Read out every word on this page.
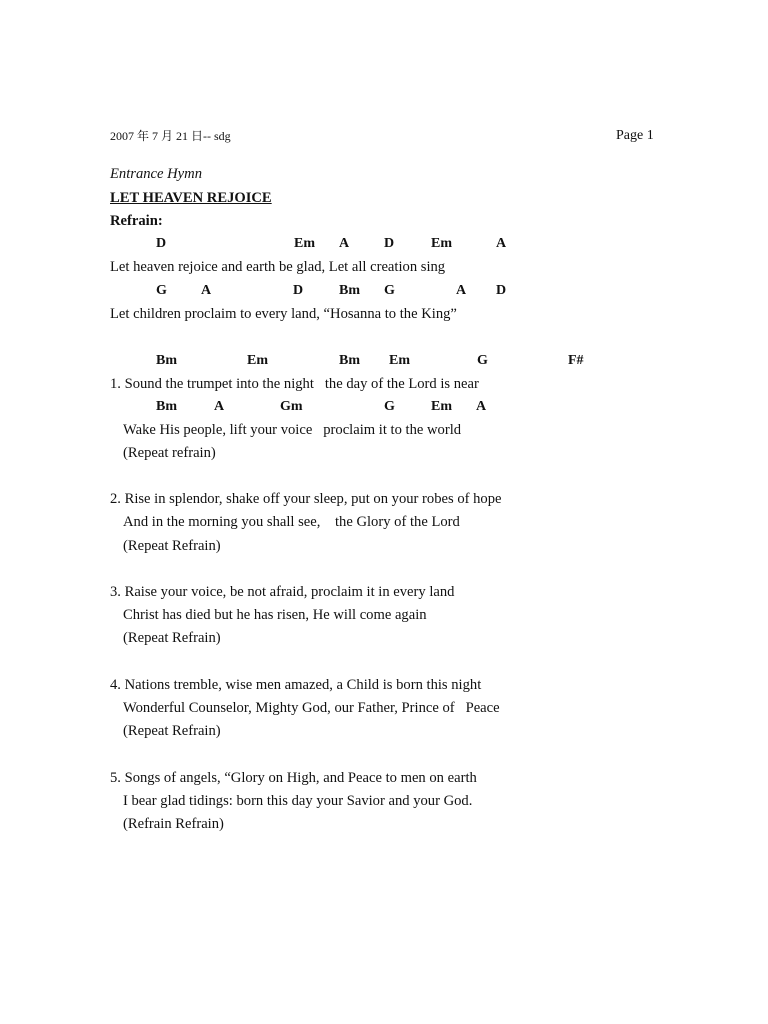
2007 年 7 月 21 日-- sdg	Page 1
Entrance Hymn
LET HEAVEN REJOICE
Refrain:
D	Em A D	Em	A
Let heaven rejoice and earth be glad, Let all creation sing
G A	D	Bm G	A D
Let children proclaim to every land, “Hosanna to the King”
Bm	Em	Bm Em	G	F#
1. Sound the trumpet into the night   the day of the Lord is near
Bm	A	Gm	G	Em A
Wake His people, lift your voice   proclaim it to the world
(Repeat refrain)
2. Rise in splendor, shake off your sleep, put on your robes of hope
And in the morning you shall see,    the Glory of the Lord
(Repeat Refrain)
3. Raise your voice, be not afraid, proclaim it in every land
Christ has died but he has risen, He will come again
(Repeat Refrain)
4. Nations tremble, wise men amazed, a Child is born this night
Wonderful Counselor, Mighty God, our Father, Prince of   Peace
(Repeat Refrain)
5. Songs of angels, “Glory on High, and Peace to men on earth
I bear glad tidings: born this day your Savior and your God.
(Refrain Refrain)
